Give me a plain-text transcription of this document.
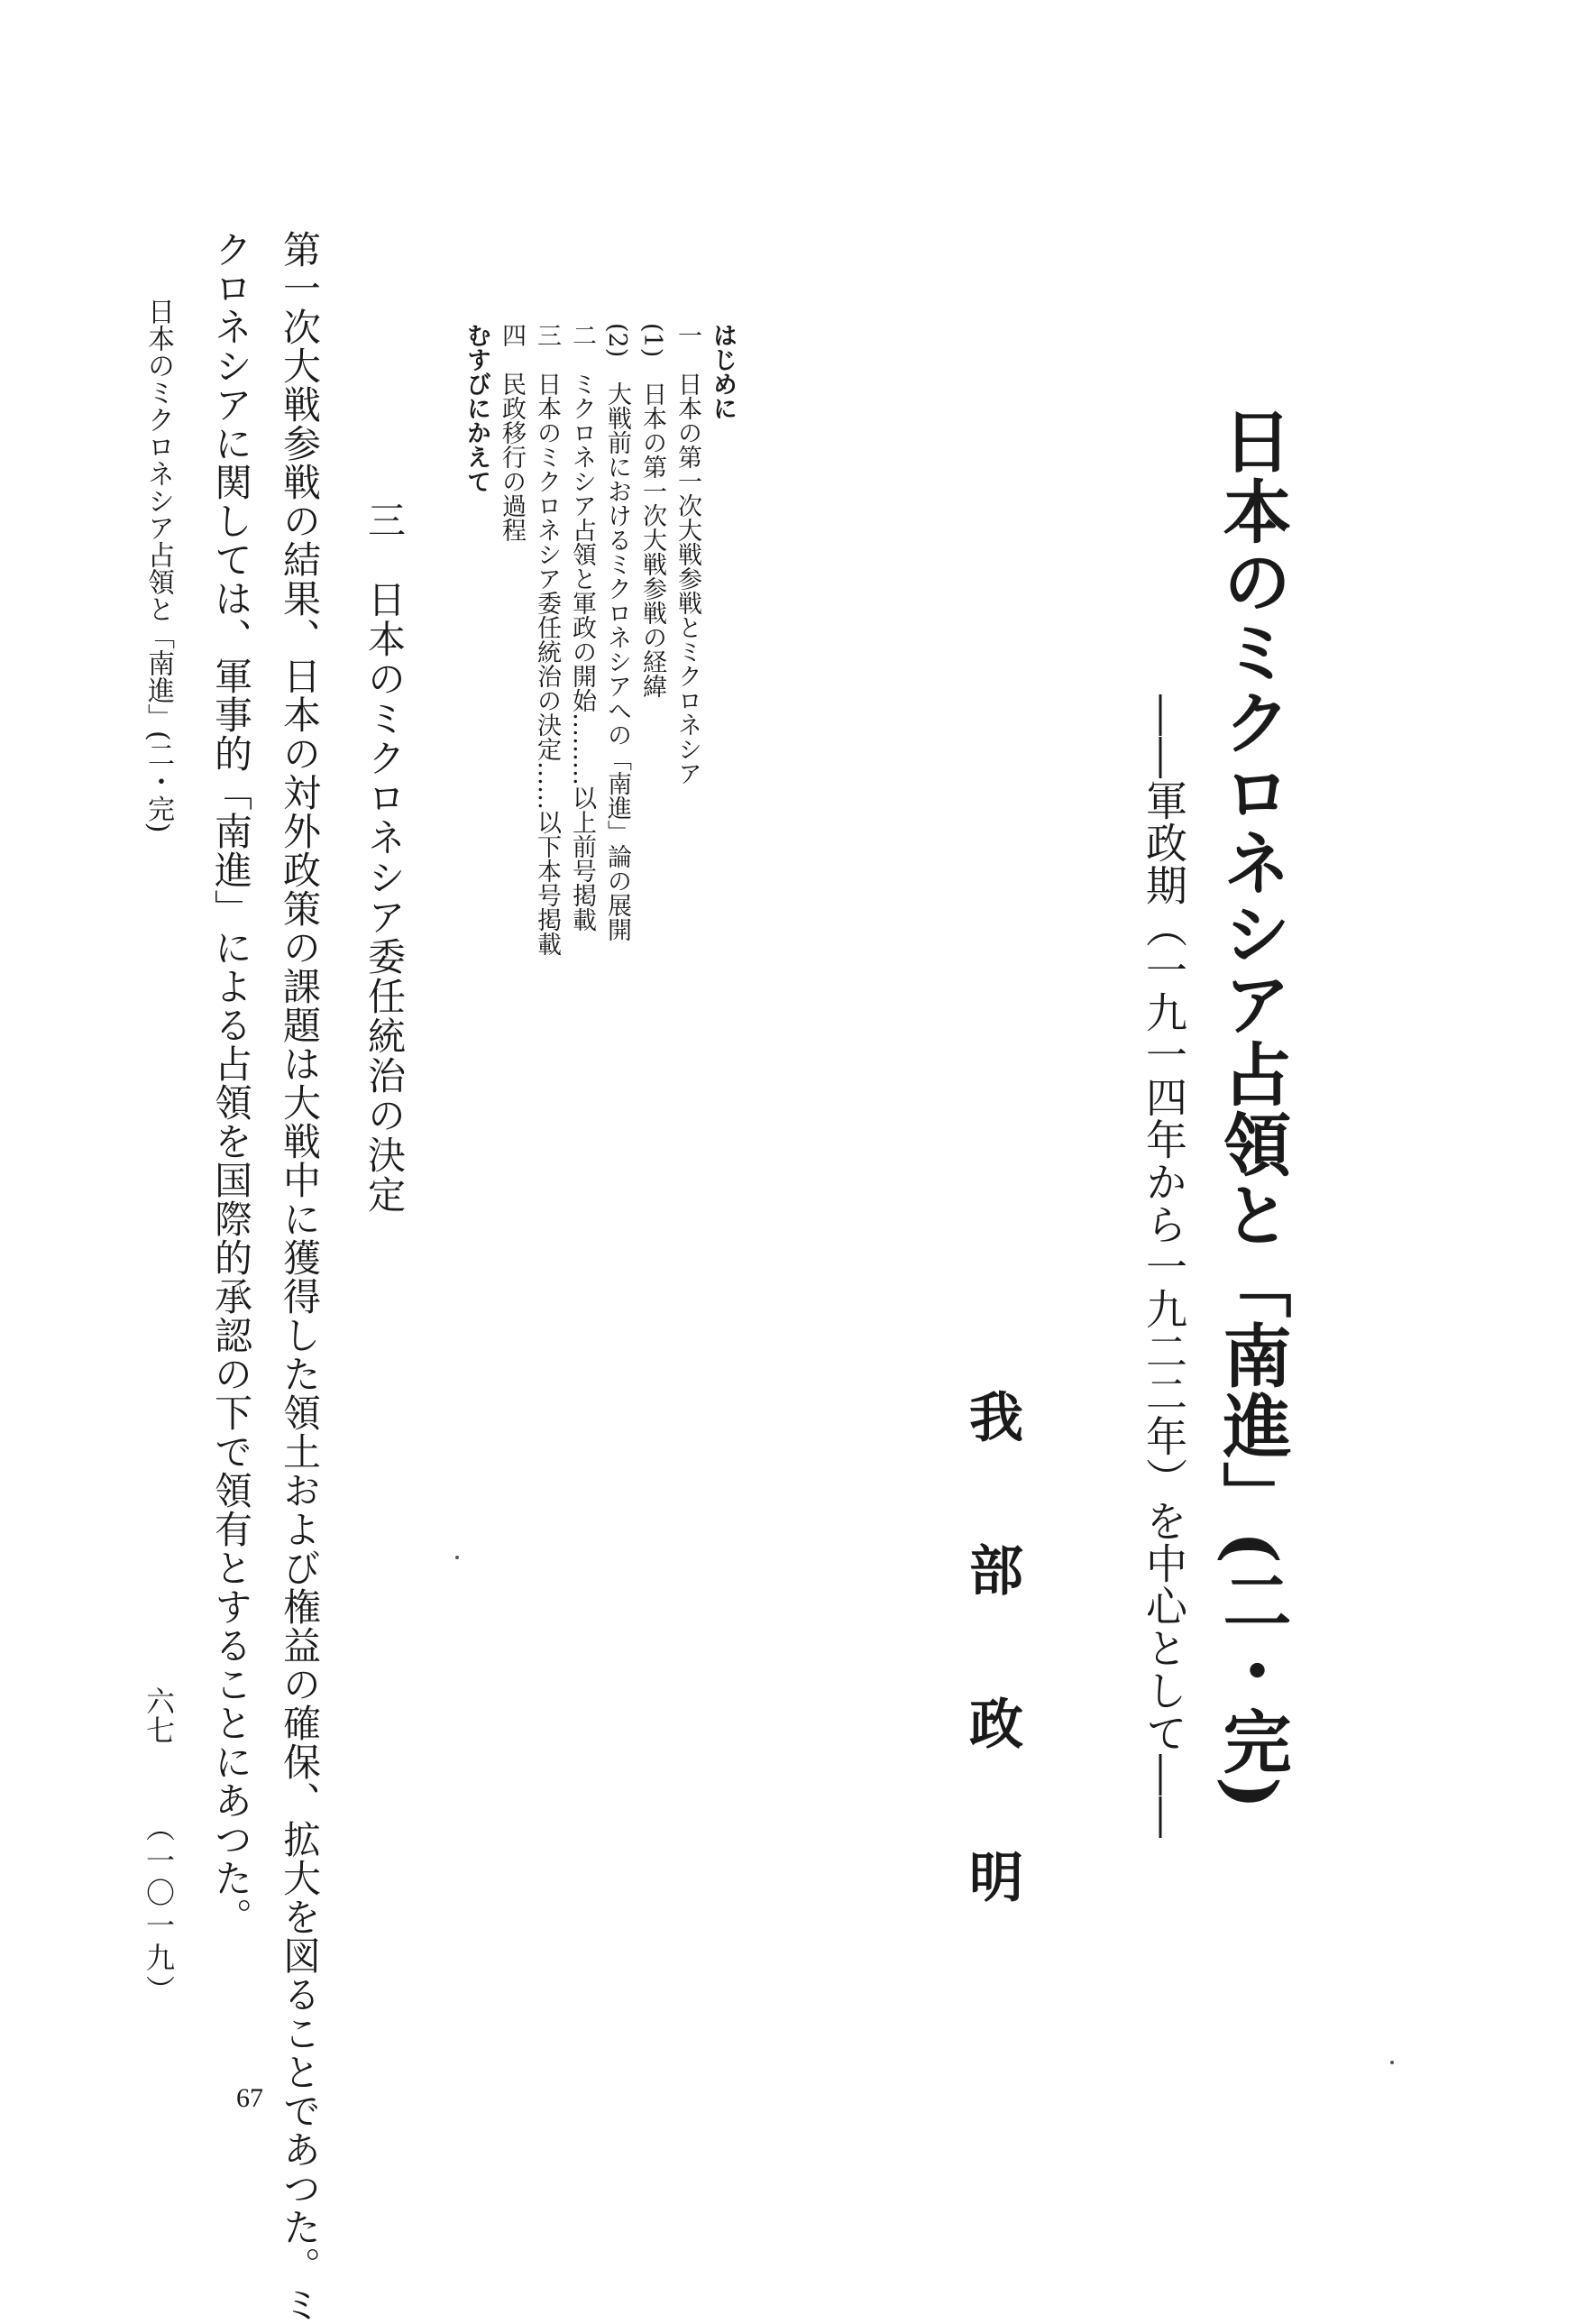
日本のミクロネシア占領と「南進」(二・完)
――軍政期（一九一四年から一九二二年）を中心として――
我部政明
はじめに
一　日本の第一次大戦参戦とミクロネシア
(1)　日本の第一次大戦参戦の経緯
(2)　大戦前におけるミクロネシアへの「南進」論の展開
二　ミクロネシア占領と軍政の開始………以上前号掲載
三　日本のミクロネシア委任統治の決定……以下本号掲載
四　民政移行の過程
むすびにかえて
三　日本のミクロネシア委任統治の決定
第一次大戦参戦の結果、日本の対外政策の課題は大戦中に獲得した領土および権益の確保、拡大を図ることであつた。ミ
クロネシアに関しては、軍事的「南進」による占領を国際的承認の下で領有とすることにあつた。
日本のミクロネシア占領と「南進」(二・完)
六七
（一〇一九）
67
